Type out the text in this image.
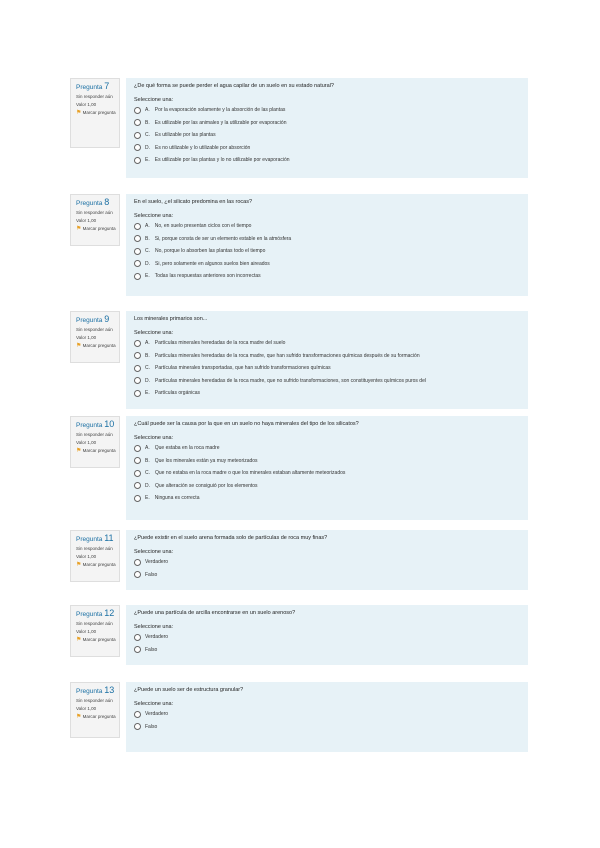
Pregunta 7
Sin responder aún
Valor 1,00
⚑ Marcar pregunta
¿De qué forma se puede perder el agua capilar de un suelo en su estado natural?
Seleccione una:
A. Por la evaporación solamente y la absorción de las plantas
B. Es utilizable por las animales y la utilizable por evaporación
C. Es utilizable por las plantas
D. Es no utilizable y lo utilizable por absorción
E. Es utilizable por las plantas y lo no utilizable por evaporación
Pregunta 8
Sin responder aún
Valor 1,00
⚑ Marcar pregunta
En el suelo, ¿el silicato predomina en las rocas?
Seleccione una:
A. No, en suelo presentan ciclos con el tiempo
B. Si, porque consta de ser un elemento estable en la atmósfera
C. No, porque lo absorben las plantas todo el tiempo
D. Si, pero solamente en algunos suelos bien aireados
E. Todas las respuestas anteriores son incorrectas
Pregunta 9
Sin responder aún
Valor 1,00
⚑ Marcar pregunta
Los minerales primarios son...
Seleccione una:
A. Partículas minerales heredadas de la roca madre del suelo
B. Partículas minerales heredadas de la roca madre, que han sufrido transformaciones químicas después de su formación
C. Partículas minerales transportadas, que han sufrido transformaciones químicas
D. Partículas minerales heredadas de la roca madre, que no sufrido transformaciones, son constituyentes químicos puros del
E. Partículas orgánicas
Pregunta 10
Sin responder aún
Valor 1,00
⚑ Marcar pregunta
¿Cuál puede ser la causa por la que en un suelo no haya minerales del tipo de los silicatos?
Seleccione una:
A. Que estaba en la roca madre
B. Que los minerales están ya muy meteorizados
C. Que no estaba en la roca madre o que los minerales estaban altamente meteorizados
D. Que alteración se consiguió por los elementos
E. Ninguna es correcta
Pregunta 11
Sin responder aún
Valor 1,00
⚑ Marcar pregunta
¿Puede existir en el suelo arena formada solo de partículas de roca muy finas?
Seleccione una:
Verdadero
Falso
Pregunta 12
Sin responder aún
Valor 1,00
⚑ Marcar pregunta
¿Puede una partícula de arcilla encontrarse en un suelo arenoso?
Seleccione una:
Verdadero
Falso
Pregunta 13
Sin responder aún
Valor 1,00
⚑ Marcar pregunta
¿Puede un suelo ser de estructura granular?
Seleccione una:
Verdadero
Falso
